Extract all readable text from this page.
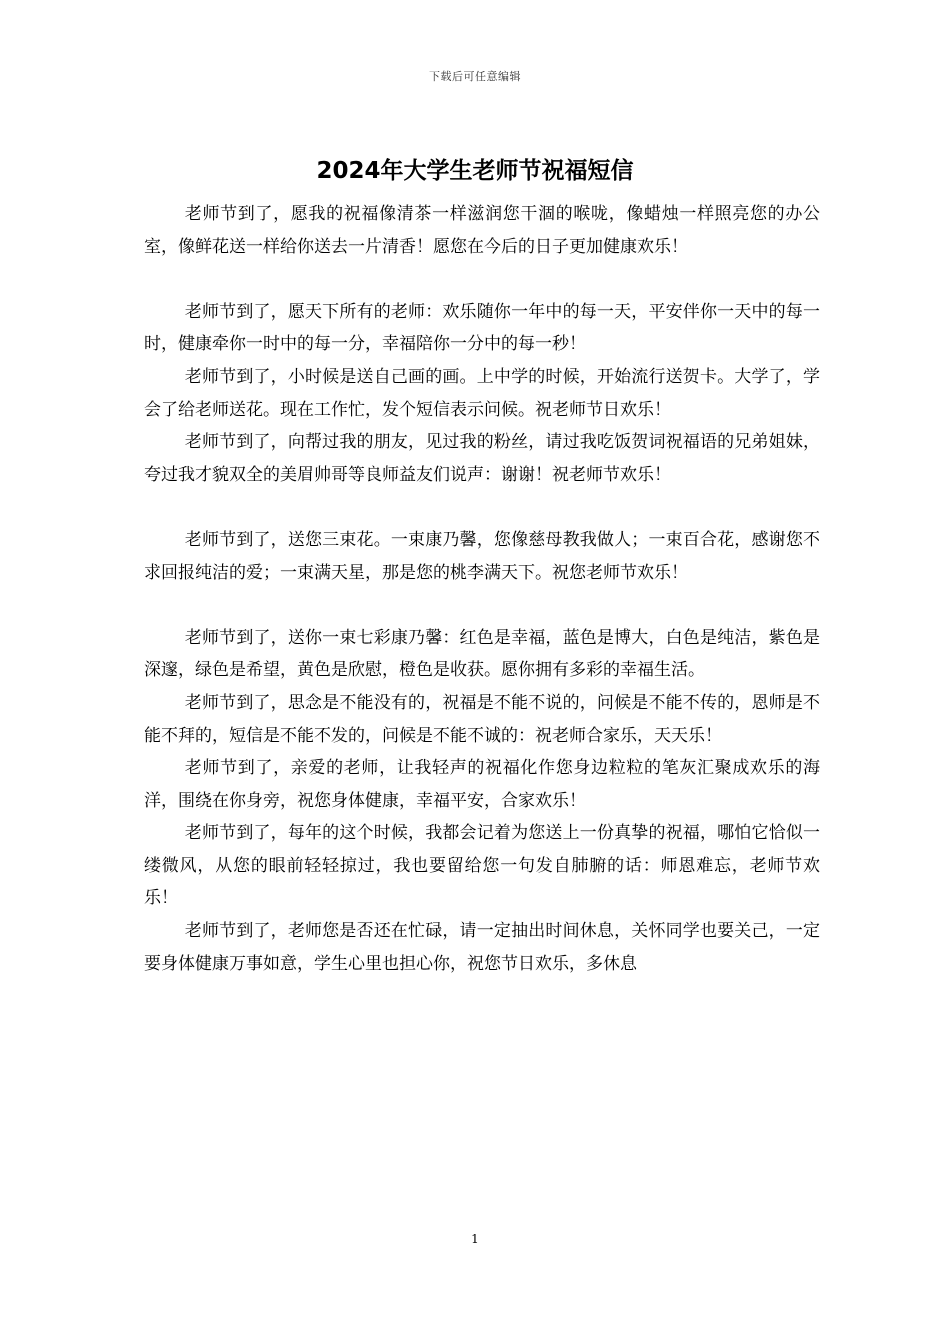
下载后可任意编辑
2024年大学生老师节祝福短信

老师节到了，愿我的祝福像清茶一样滋润您干涸的喉咙，像蜡烛一样照亮您的办公室，像鲜花送一样给你送去一片清香！愿您在今后的日子更加健康欢乐！

老师节到了，愿天下所有的老师：欢乐随你一年中的每一天，平安伴你一天中的每一时，健康牵你一时中的每一分，幸福陪你一分中的每一秒！

老师节到了，小时候是送自己画的画。上中学的时候，开始流行送贺卡。大学了，学会了给老师送花。现在工作忙，发个短信表示问候。祝老师节日欢乐！

老师节到了，向帮过我的朋友，见过我的粉丝，请过我吃饭贺词祝福语的兄弟姐妹，夸过我才貌双全的美眉帅哥等良师益友们说声：谢谢！祝老师节欢乐！

老师节到了，送您三束花。一束康乃馨，您像慈母教我做人；一束百合花，感谢您不求回报纯洁的爱；一束满天星，那是您的桃李满天下。祝您老师节欢乐！

老师节到了，送你一束七彩康乃馨：红色是幸福，蓝色是博大，白色是纯洁，紫色是深邃，绿色是希望，黄色是欣慰，橙色是收获。愿你拥有多彩的幸福生活。

老师节到了，思念是不能没有的，祝福是不能不说的，问候是不能不传的，恩师是不能不拜的，短信是不能不发的，问候是不能不诚的：祝老师合家乐，天天乐！

老师节到了，亲爱的老师，让我轻声的祝福化作您身边粒粒的笔灰汇聚成欢乐的海洋，围绕在你身旁，祝您身体健康，幸福平安，合家欢乐！

老师节到了，每年的这个时候，我都会记着为您送上一份真挚的祝福，哪怕它恰似一缕微风，从您的眼前轻轻掠过，我也要留给您一句发自肺腑的话：师恩难忘，老师节欢乐！

老师节到了，老师您是否还在忙碌，请一定抽出时间休息，关怀同学也要关己，一定要身体健康万事如意，学生心里也担心你，祝您节日欢乐，多休息

1
